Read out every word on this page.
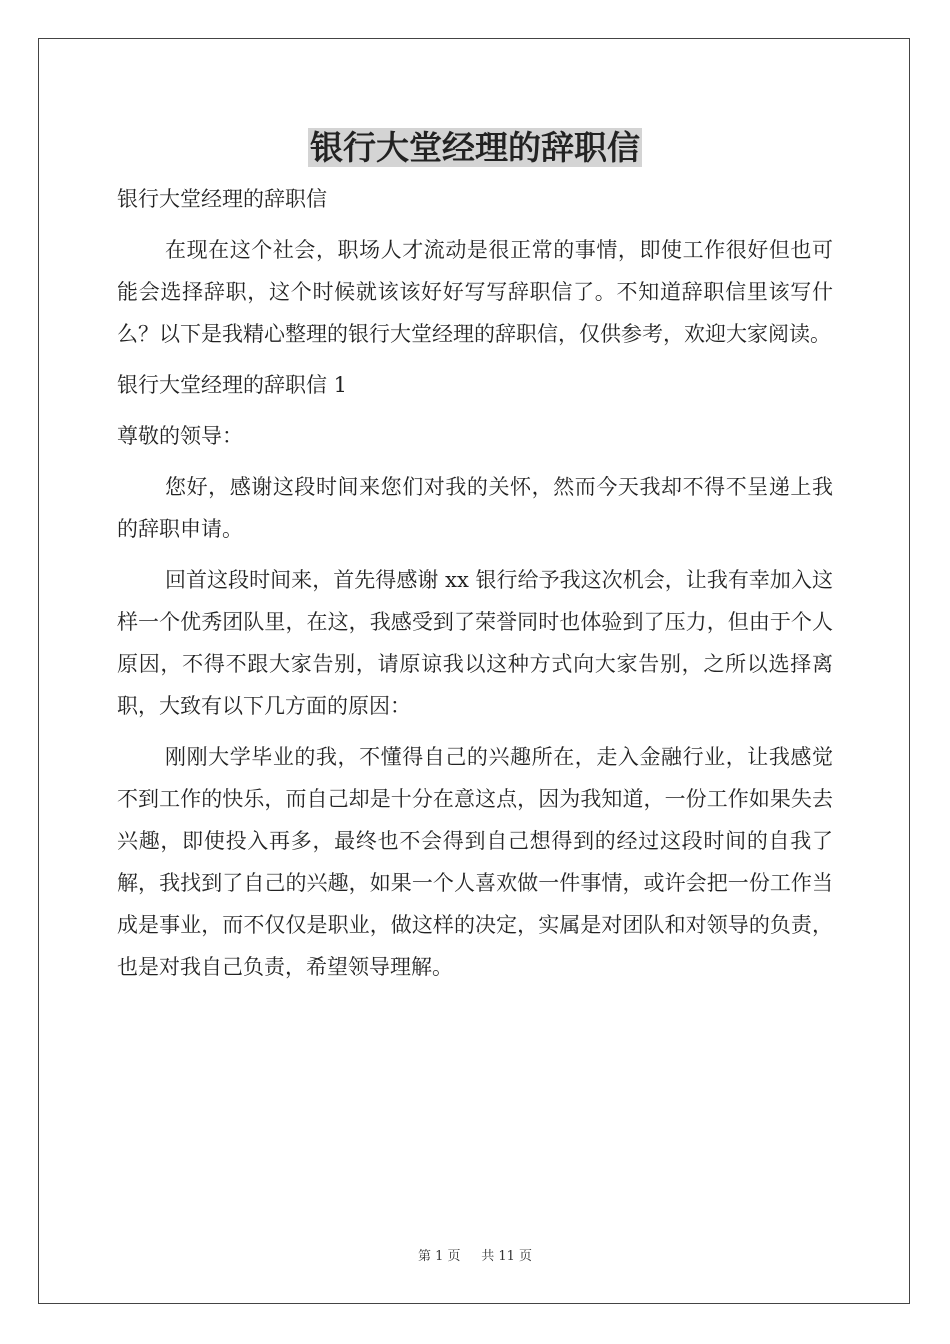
银行大堂经理的辞职信

银行大堂经理的辞职信

在现在这个社会，职场人才流动是很正常的事情，即使工作很好但也可能会选择辞职，这个时候就该该好好写写辞职信了。不知道辞职信里该写什么？以下是我精心整理的银行大堂经理的辞职信，仅供参考，欢迎大家阅读。

银行大堂经理的辞职信 1

尊敬的领导：

您好，感谢这段时间来您们对我的关怀，然而今天我却不得不呈递上我的辞职申请。

回首这段时间来，首先得感谢 xx 银行给予我这次机会，让我有幸加入这样一个优秀团队里，在这，我感受到了荣誉同时也体验到了压力，但由于个人原因，不得不跟大家告别，请原谅我以这种方式向大家告别，之所以选择离职，大致有以下几方面的原因：

刚刚大学毕业的我，不懂得自己的兴趣所在，走入金融行业，让我感觉不到工作的快乐，而自己却是十分在意这点，因为我知道，一份工作如果失去兴趣，即使投入再多，最终也不会得到自己想得到的经过这段时间的自我了解，我找到了自己的兴趣，如果一个人喜欢做一件事情，或许会把一份工作当成是事业，而不仅仅是职业，做这样的决定，实属是对团队和对领导的负责，也是对我自己负责，希望领导理解。

第 1 页 共 11 页
